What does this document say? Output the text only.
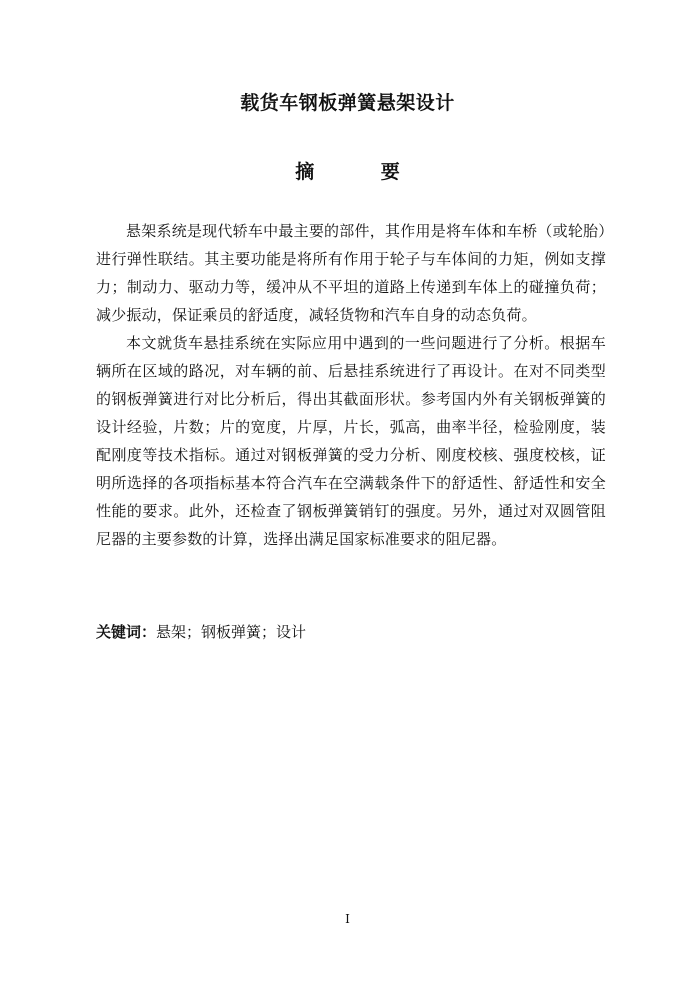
载货车钢板弹簧悬架设计
摘 要

悬架系统是现代轿车中最主要的部件，其作用是将车体和车桥（或轮胎）进行弹性联结。其主要功能是将所有作用于轮子与车体间的力矩，例如支撑力；制动力、驱动力等，缓冲从不平坦的道路上传递到车体上的碰撞负荷；减少振动，保证乘员的舒适度，减轻货物和汽车自身的动态负荷。

本文就货车悬挂系统在实际应用中遇到的一些问题进行了分析。根据车辆所在区域的路况，对车辆的前、后悬挂系统进行了再设计。在对不同类型的钢板弹簧进行对比分析后，得出其截面形状。参考国内外有关钢板弹簧的设计经验，片数；片的宽度，片厚，片长，弧高，曲率半径，检验刚度，装配刚度等技术指标。通过对钢板弹簧的受力分析、刚度校核、强度校核，证明所选择的各项指标基本符合汽车在空满载条件下的舒适性、舒适性和安全性能的要求。此外，还检查了钢板弹簧销钉的强度。另外，通过对双圆管阻尼器的主要参数的计算，选择出满足国家标准要求的阻尼器。

关键词：悬架；钢板弹簧；设计
I
